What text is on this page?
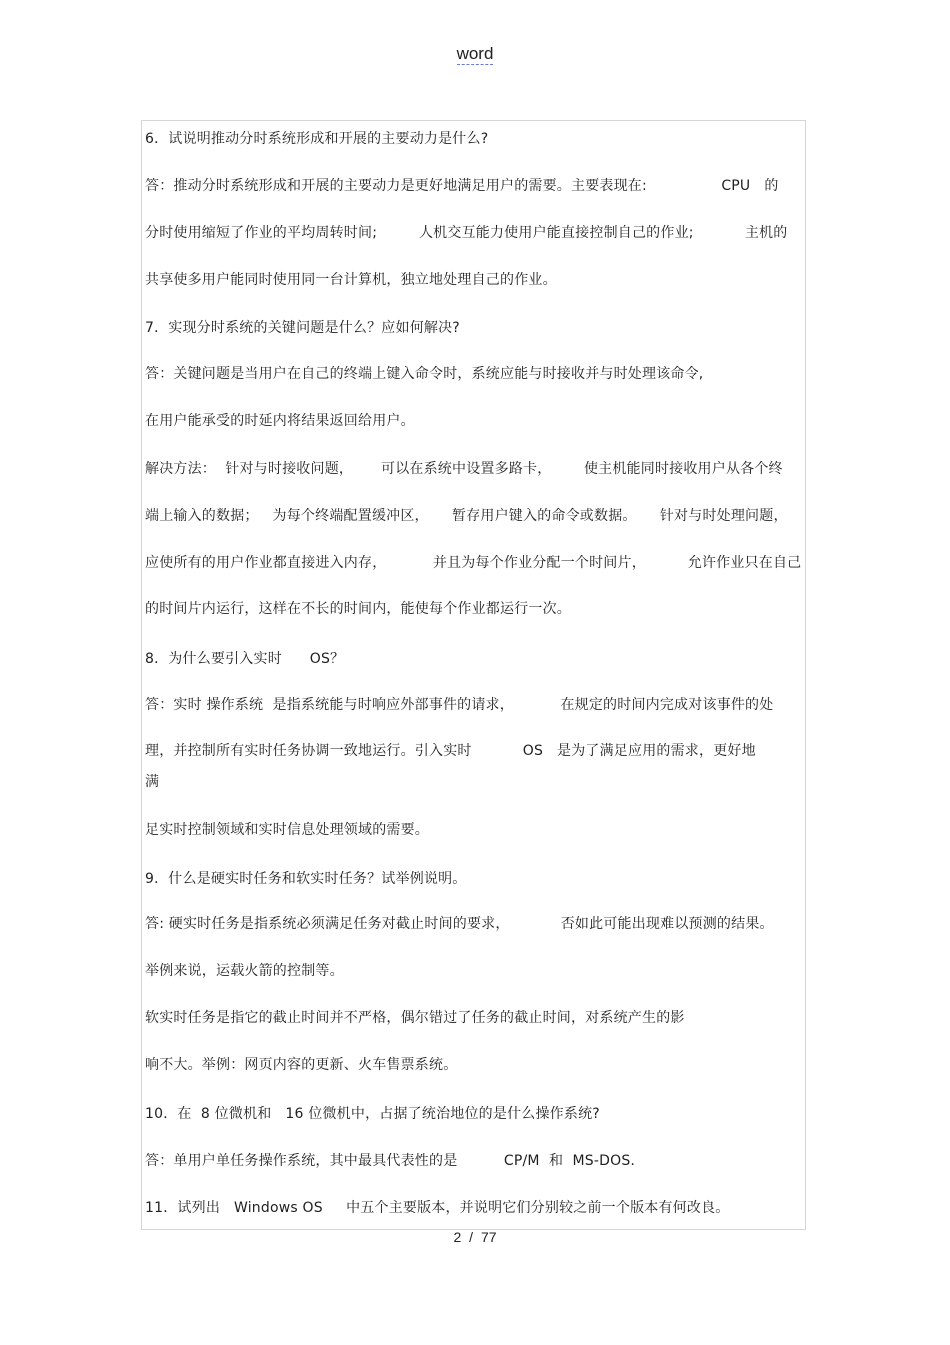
word
6．试说明推动分时系统形成和开展的主要动力是什么?
答：推动分时系统形成和开展的主要动力是更好地满足用户的需要。主要表现在:                CPU   的
分时使用缩短了作业的平均周转时间;         人机交互能力使用户能直接控制自己的作业;           主机的
共享使多用户能同时使用同一台计算机，独立地处理自己的作业。
7．实现分时系统的关键问题是什么？应如何解决?
答：关键问题是当用户在自己的终端上键入命令时，系统应能与时接收并与时处理该命令,
在用户能承受的时延内将结果返回给用户。
解决方法：  针对与时接收问题，      可以在系统中设置多路卡，       使主机能同时接收用户从各个终
端上输入的数据；   为每个终端配置缓冲区，     暂存用户键入的命令或数据。     针对与时处理问题，
应使所有的用户作业都直接进入内存，          并且为每个作业分配一个时间片，         允许作业只在自己
的时间片内运行，这样在不长的时间内，能使每个作业都运行一次。
8．为什么要引入实时      OS？
答：实时 操作系统  是指系统能与时响应外部事件的请求，          在规定的时间内完成对该事件的处
理，并控制所有实时任务协调一致地运行。引入实时           OS   是为了满足应用的需求，更好地
满
足实时控制领域和实时信息处理领域的需要。
9．什么是硬实时任务和软实时任务？试举例说明。
答: 硬实时任务是指系统必须满足任务对截止时间的要求，           否如此可能出现难以预测的结果。
举例来说，运载火箭的控制等。
软实时任务是指它的截止时间并不严格，偶尔错过了任务的截止时间，对系统产生的影
响不大。举例：网页内容的更新、火车售票系统。
10．在  8 位微机和   16 位微机中，占据了统治地位的是什么操作系统?
答：单用户单任务操作系统，其中最具代表性的是          CP/M  和  MS-DOS.
11．试列出   Windows OS     中五个主要版本，并说明它们分别较之前一个版本有何改良。
2 / 77
